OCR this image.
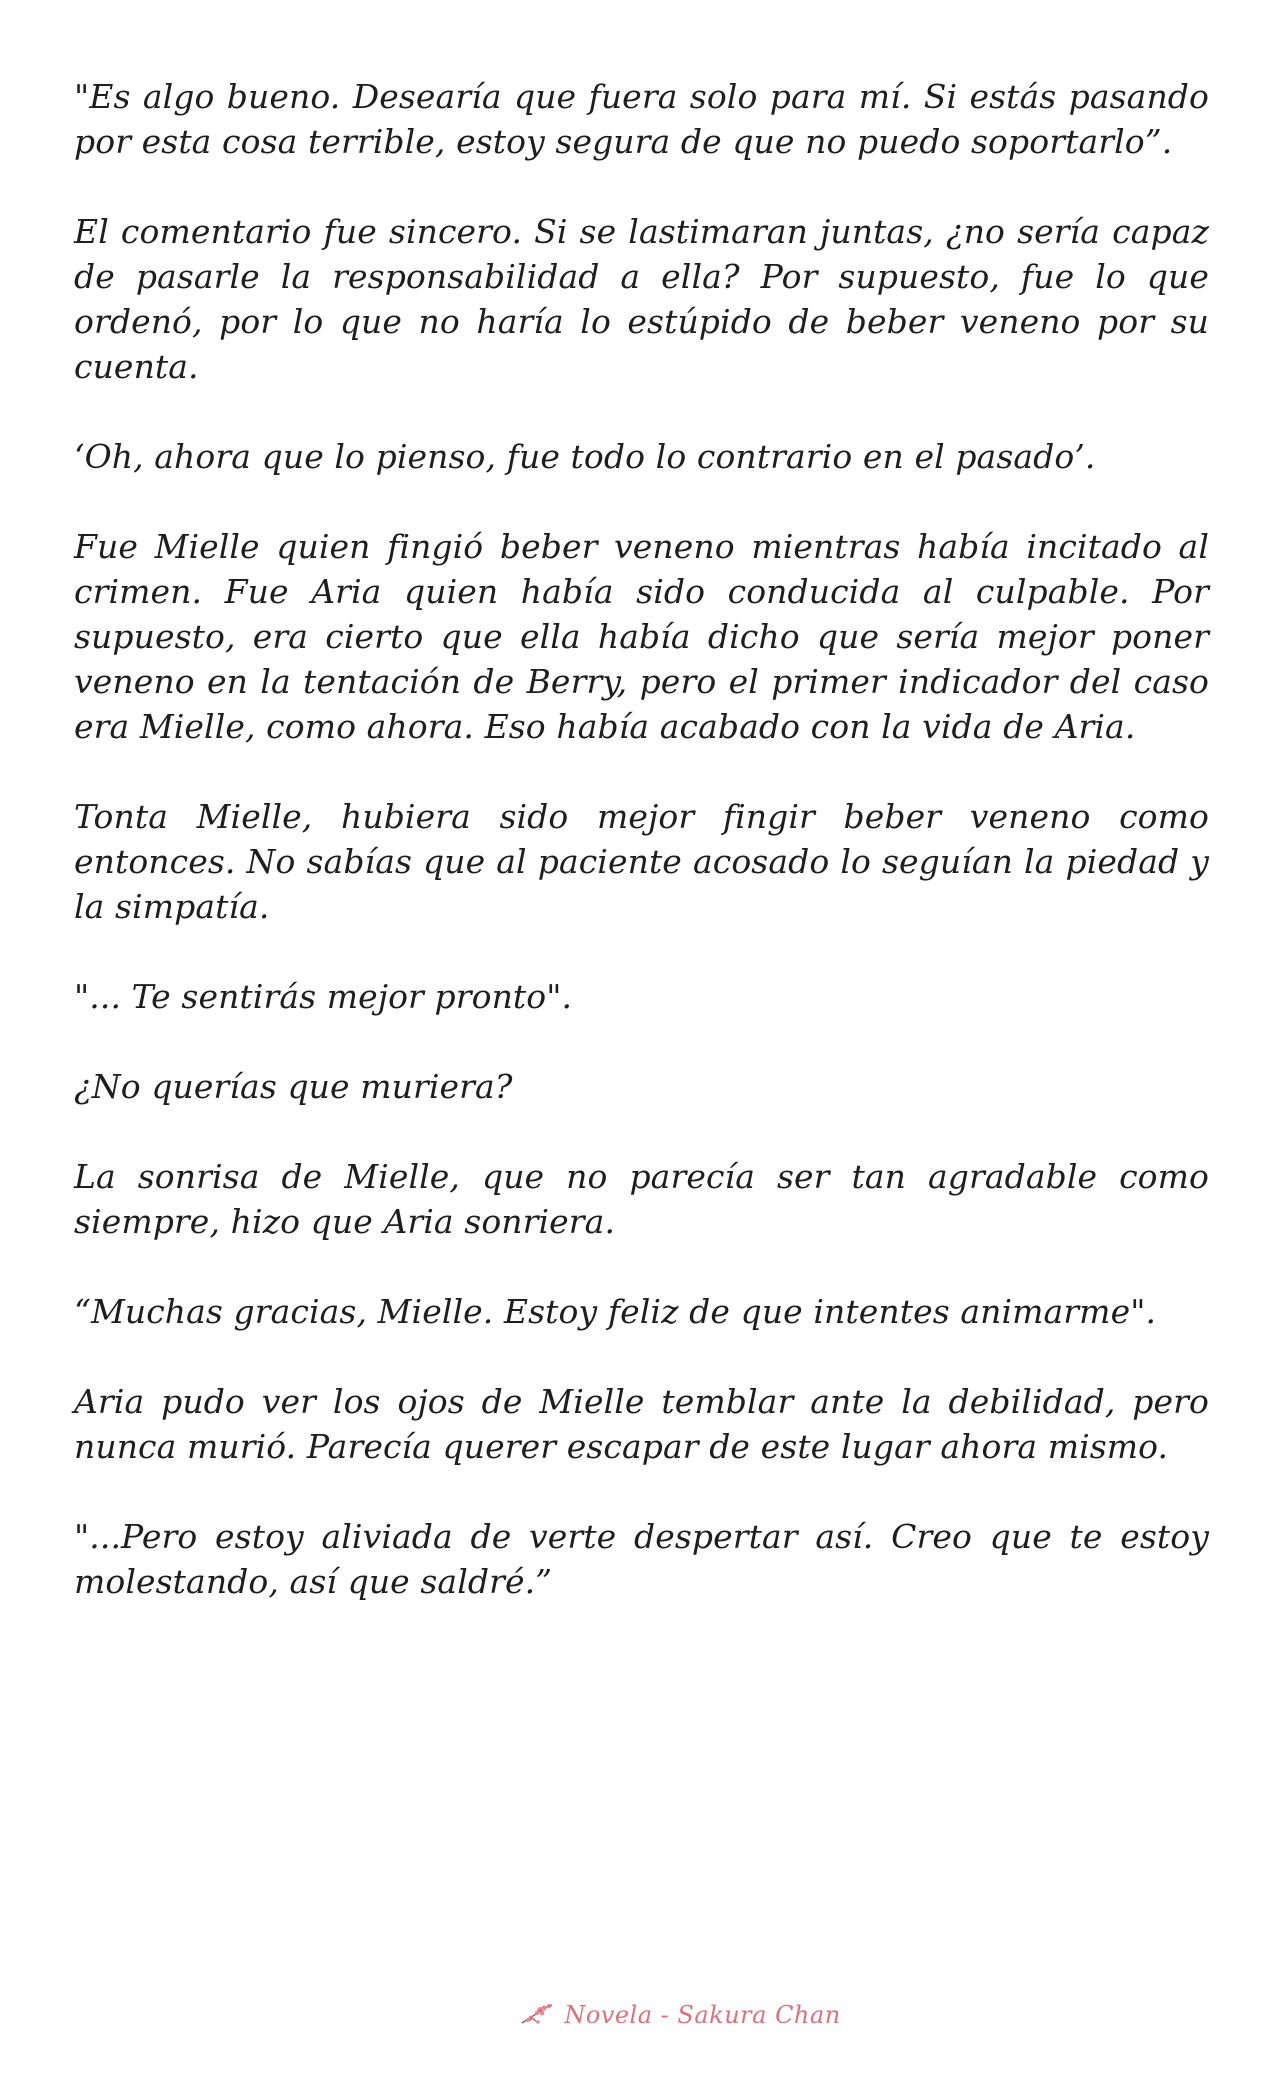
"Es algo bueno. Desearía que fuera solo para mí. Si estás pasando por esta cosa terrible, estoy segura de que no puedo soportarlo”.

El comentario fue sincero. Si se lastimaran juntas, ¿no sería capaz de pasarle la responsabilidad a ella? Por supuesto, fue lo que ordenó, por lo que no haría lo estúpido de beber veneno por su cuenta.

‘Oh, ahora que lo pienso, fue todo lo contrario en el pasado’.

Fue Mielle quien fingió beber veneno mientras había incitado al crimen. Fue Aria quien había sido conducida al culpable. Por supuesto, era cierto que ella había dicho que sería mejor poner veneno en la tentación de Berry, pero el primer indicador del caso era Mielle, como ahora. Eso había acabado con la vida de Aria.

Tonta Mielle, hubiera sido mejor fingir beber veneno como entonces. No sabías que al paciente acosado lo seguían la piedad y la simpatía.

"... Te sentirás mejor pronto".

¿No querías que muriera?

La sonrisa de Mielle, que no parecía ser tan agradable como siempre, hizo que Aria sonriera.

“Muchas gracias, Mielle. Estoy feliz de que intentes animarme".

Aria pudo ver los ojos de Mielle temblar ante la debilidad, pero nunca murió. Parecía querer escapar de este lugar ahora mismo.

"...Pero estoy aliviada de verte despertar así. Creo que te estoy molestando, así que saldré.”

Novela - Sakura Chan
